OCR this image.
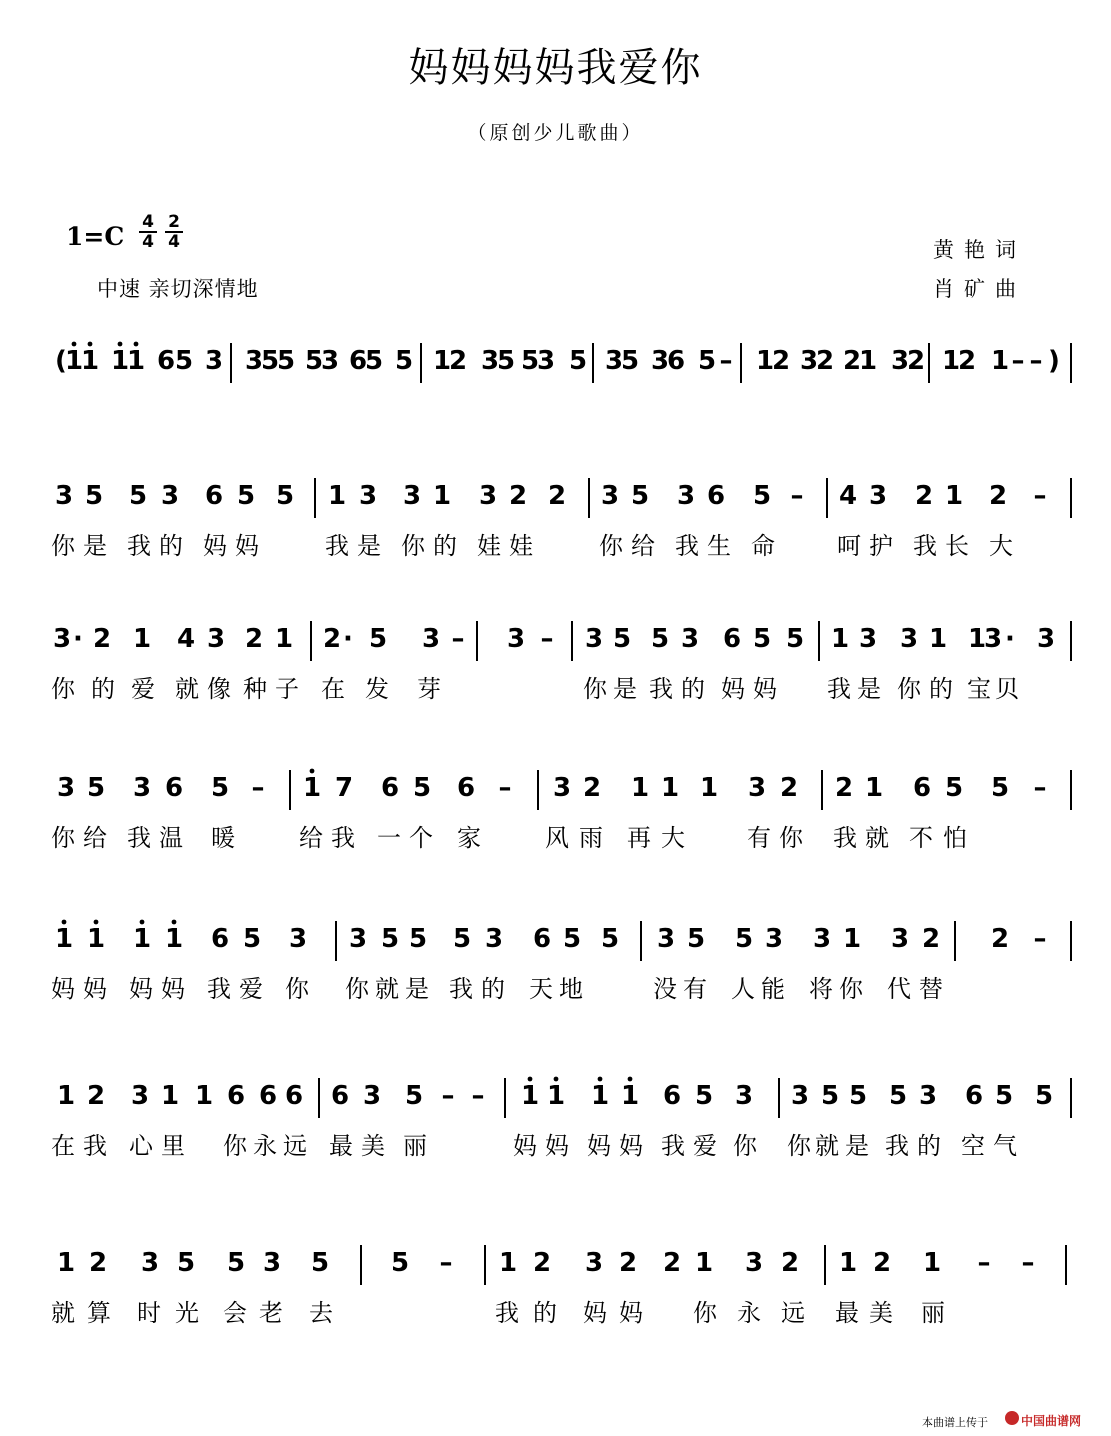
妈妈妈妈我爱你
（原创少儿歌曲）
$1=C \frac{4}{4} \frac{2}{4}$
中速 亲切深情地
黄艳词
肖矿曲
(
1
1 1
1 6 5 3 3
5
5 5
3 6
5 5 1
2 3
5 5
3 5 3
5 3
6 5 – 1
2 3
2 2
1 3
2 1
2 1 – – )
3 5 5 3 6 5 5 1 3 3 1 3 2 2 3 5 3 6 5 – 4 3 2 1 2 –
你 是 我 的 妈 妈	我 是 你 的 娃 娃	你 给 我 生 命	呵 护 我 长 大
3 · 2 1 4 3 2 1 2 · 5 3 – 3 – 3 5 5 3 6 5 5 1 3 3 1 1
3 · 3
你 的 爱 就 像 种 子 在 发 芽	你 是 我 的 妈 妈 我 是 你 的 宝 贝
3 5 3 6 5 – 1 7 6 5 6 – 3 2 1 1 1 3 2 2 1 6 5 5 –
你 给 我 温 暖	给 我 一 个 家	风 雨 再 大	有 你 我 就 不 怕
1 1 1 1 6 5 3 3 5 5 5 3 6 5 5 3 5 5 3 3 1 3 2 2 –
妈 妈 妈 妈 我 爱 你 你 就 是 我 的 天 地	没 有 人 能 将 你 代 替
1 2 3 1 1 6 6 6 6 3 5 – – 1 1 1 1 6 5 3 3 5 5 5 3 6 5 5
在 我 心 里 你 永 远 最 美 丽	妈 妈 妈 妈 我 爱 你 你 就 是 我 的 空 气
1 2 3 5 5 3 5 5 – 1 2 3 2 2 1 3 2 1 2 1 – –
就 算 时 光 会 老 去	我 的 妈 妈 你 永 远 最 美 丽
本曲谱上传于	中国曲谱网
